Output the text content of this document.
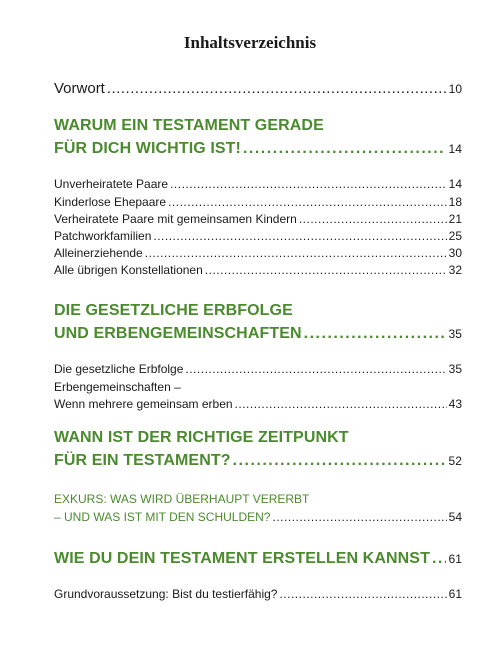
Inhaltsverzeichnis
Vorwort .....	10
WARUM EIN TESTAMENT GERADE
FÜR DICH WICHTIG IST! .....	14
Unverheiratete Paare .....	14
Kinderlose Ehepaare .....	18
Verheiratete Paare mit gemeinsamen Kindern .....	21
Patchworkfamilien .....	25
Alleinerziehende .....	30
Alle übrigen Konstellationen .....	32
DIE GESETZLICHE ERBFOLGE
UND ERBENGEMEINSCHAFTEN .....	35
Die gesetzliche Erbfolge .....	35
Erbengemeinschaften –
Wenn mehrere gemeinsam erben .....	43
WANN IST DER RICHTIGE ZEITPUNKT
FÜR EIN TESTAMENT? .....	52
EXKURS: WAS WIRD ÜBERHAUPT VERERBT
– UND WAS IST MIT DEN SCHULDEN? .....	54
WIE DU DEIN TESTAMENT ERSTELLEN KANNST ..... 61
Grundvoraussetzung: Bist du testierfähig? .....	61
